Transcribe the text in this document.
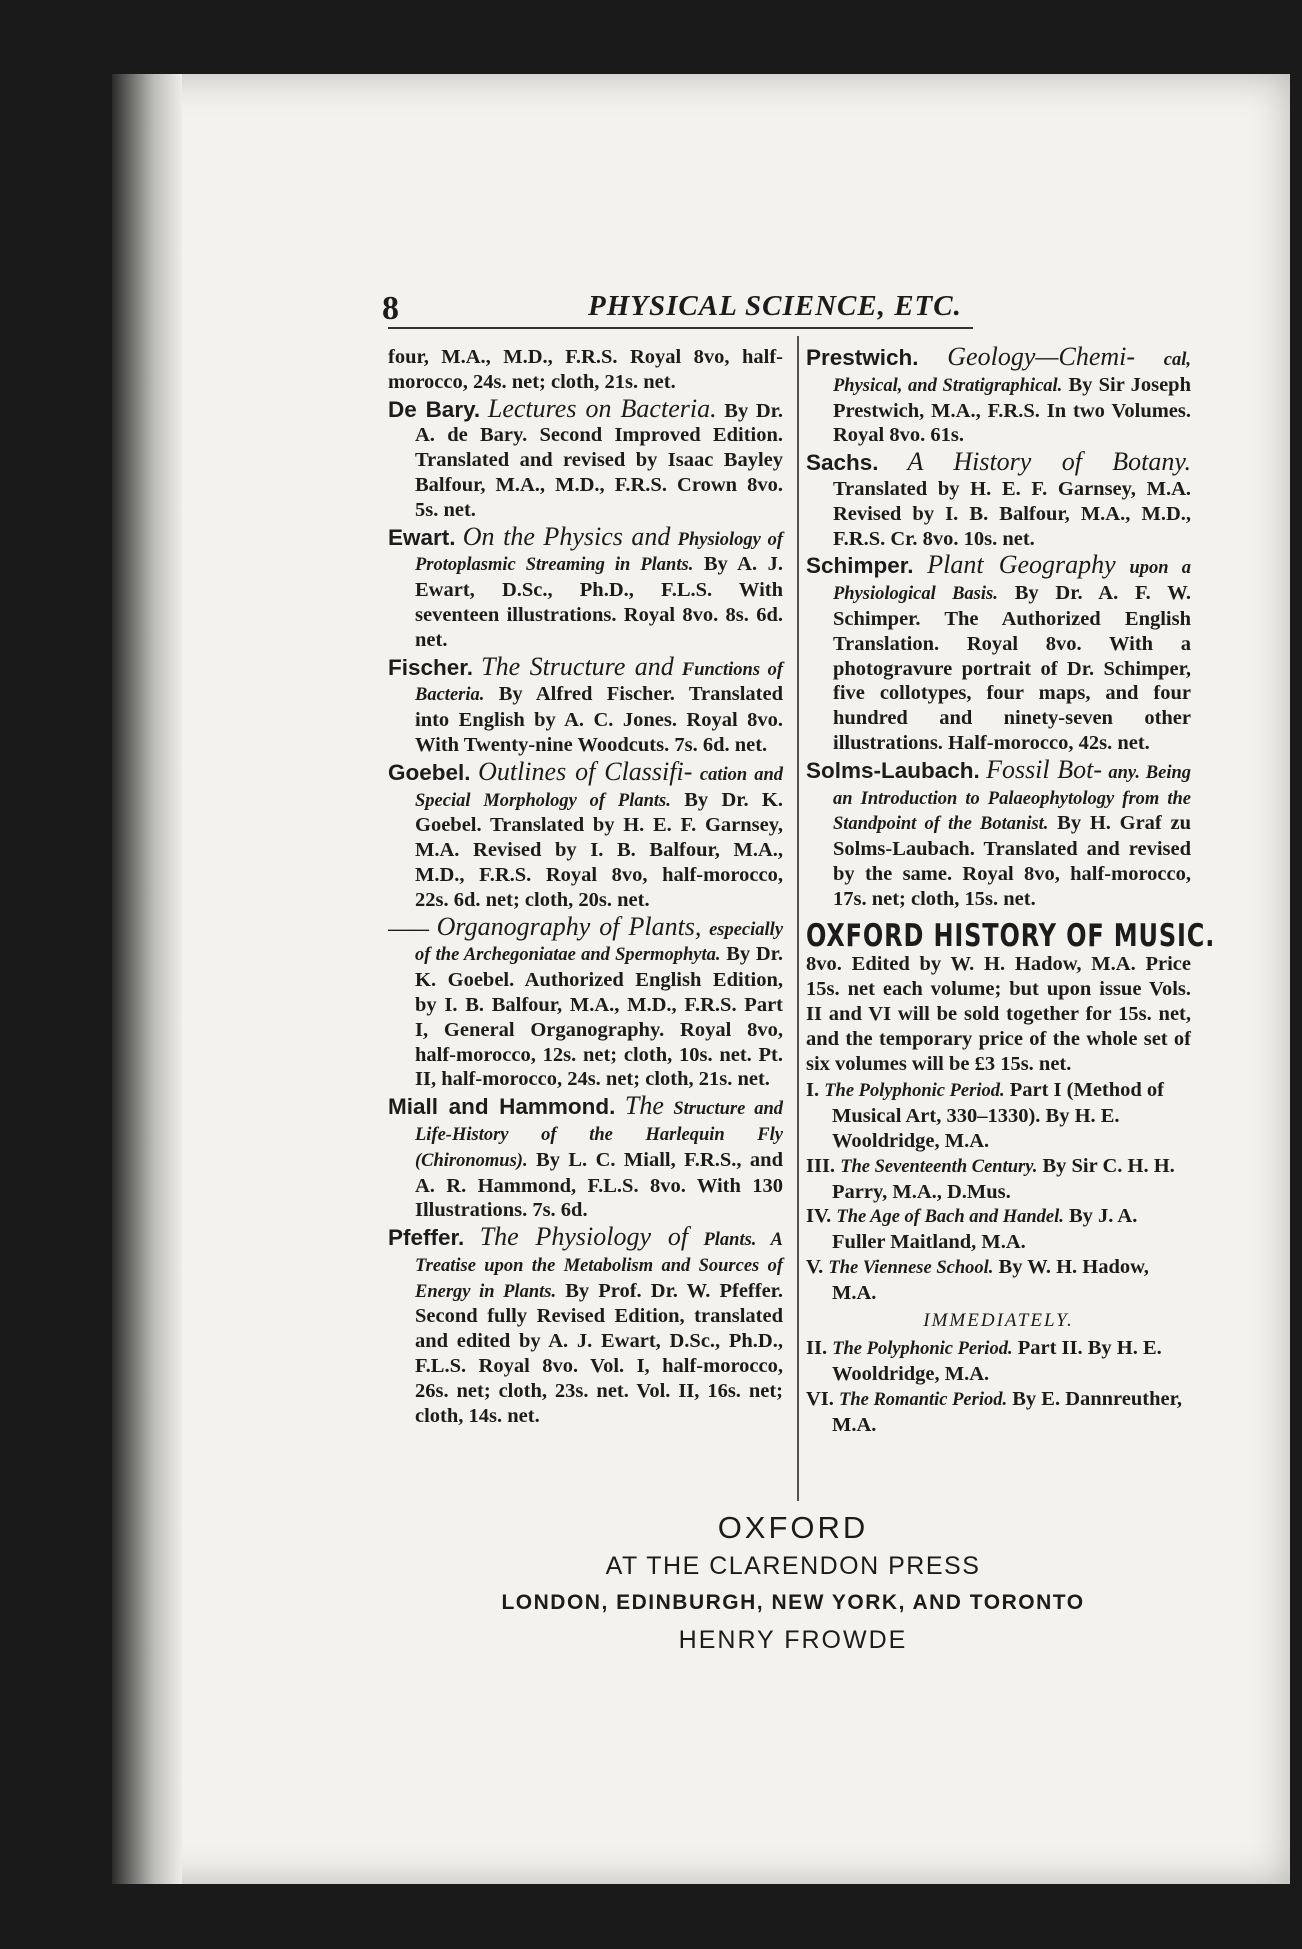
8	PHYSICAL SCIENCE, ETC.

four, M.A., M.D., F.R.S. Royal 8vo, half-morocco, 24s. net; cloth, 21s. net.

De Bary. Lectures on Bacteria. By Dr. A. de Bary. Second Improved Edition. Translated and revised by Isaac Bayley Balfour, M.A., M.D., F.R.S. Crown 8vo. 5s. net.

Ewart. On the Physics and Physiology of Protoplasmic Streaming in Plants. By A. J. Ewart, D.Sc., Ph.D., F.L.S. With seventeen illustrations. Royal 8vo. 8s. 6d. net.

Fischer. The Structure and Functions of Bacteria. By Alfred Fischer. Translated into English by A. C. Jones. Royal 8vo. With Twenty-nine Woodcuts. 7s. 6d. net.

Goebel. Outlines of Classifi- cation and Special Morphology of Plants. By Dr. K. Goebel. Translated by H. E. F. Garnsey, M.A. Revised by I. B. Balfour, M.A., M.D., F.R.S. Royal 8vo, half-morocco, 22s. 6d. net; cloth, 20s. net.

—— Organography of Plants, especially of the Archegoniatae and Spermophyta. By Dr. K. Goebel. Authorized English Edition, by I. B. Balfour, M.A., M.D., F.R.S. Part I, General Organography. Royal 8vo, half-morocco, 12s. net; cloth, 10s. net. Pt. II, half-morocco, 24s. net; cloth, 21s. net.

Miall and Hammond. The Structure and Life-History of the Harlequin Fly (Chironomus). By L. C. Miall, F.R.S., and A. R. Hammond, F.L.S. 8vo. With 130 Illustrations. 7s. 6d.

Pfeffer. The Physiology of Plants. A Treatise upon the Metabolism and Sources of Energy in Plants. By Prof. Dr. W. Pfeffer. Second fully Revised Edition, translated and edited by A. J. Ewart, D.Sc., Ph.D., F.L.S. Royal 8vo. Vol. I, half-morocco, 26s. net; cloth, 23s. net. Vol. II, 16s. net; cloth, 14s. net.

Prestwich. Geology—Chemi- cal, Physical, and Stratigraphical. By Sir Joseph Prestwich, M.A., F.R.S. In two Volumes. Royal 8vo. 61s.

Sachs. A History of Botany. Translated by H. E. F. Garnsey, M.A. Revised by I. B. Balfour, M.A., M.D., F.R.S. Cr. 8vo. 10s. net.

Schimper. Plant Geography upon a Physiological Basis. By Dr. A. F. W. Schimper. The Authorized English Translation. Royal 8vo. With a photogravure portrait of Dr. Schimper, five collotypes, four maps, and four hundred and ninety-seven other illustrations. Half-morocco, 42s. net.

Solms-Laubach. Fossil Bot- any. Being an Introduction to Palaeophytology from the Standpoint of the Botanist. By H. Graf zu Solms-Laubach. Translated and revised by the same. Royal 8vo, half-morocco, 17s. net; cloth, 15s. net.

OXFORD HISTORY OF MUSIC.

8vo. Edited by W. H. Hadow, M.A. Price 15s. net each volume; but upon issue Vols. II and VI will be sold together for 15s. net, and the temporary price of the whole set of six volumes will be £3 15s. net.

I. The Polyphonic Period. Part I (Method of Musical Art, 330–1330). By H. E. Wooldridge, M.A.

III. The Seventeenth Century. By Sir C. H. H. Parry, M.A., D.Mus.

IV. The Age of Bach and Handel. By J. A. Fuller Maitland, M.A.

V. The Viennese School. By W. H. Hadow, M.A.

IMMEDIATELY.

II. The Polyphonic Period. Part II. By H. E. Wooldridge, M.A.

VI. The Romantic Period. By E. Dannreuther, M.A.

OXFORD
AT THE CLARENDON PRESS
LONDON, EDINBURGH, NEW YORK, AND TORONTO
HENRY FROWDE
